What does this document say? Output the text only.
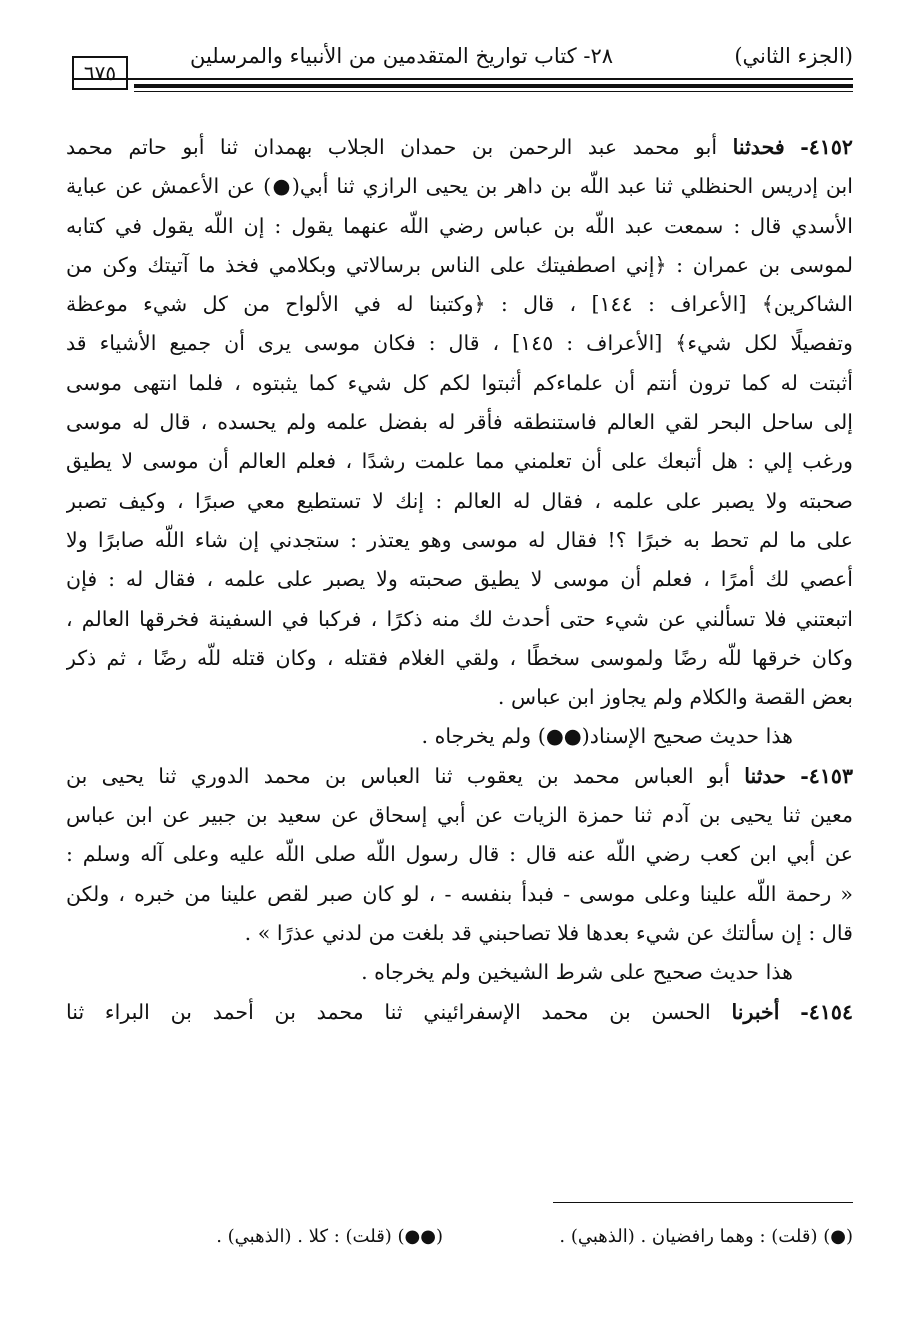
(الجزء الثاني)
٢٨- كتاب تواريخ المتقدمين من الأنبياء والمرسلين
٦٧٥
٤١٥٢- فحدثنا أبو محمد عبد الرحمن بن حمدان الجلاب بهمدان ثنا أبو حاتم محمد
ابن إدريس الحنظلي ثنا عبد اللّه بن داهر بن يحيى الرازي ثنا أبي(●) عن الأعمش عن عباية
الأسدي قال : سمعت عبد اللّه بن عباس رضي اللّه عنهما يقول : إن اللّه يقول في كتابه
لموسى بن عمران : ﴿إني اصطفيتك على الناس برسالاتي وبكلامي فخذ ما آتيتك وكن من
الشاكرين﴾ [الأعراف : ١٤٤] ، قال : ﴿وكتبنا له في الألواح من كل شيء موعظة
وتفصيلًا لكل شيء﴾ [الأعراف : ١٤٥] ، قال : فكان موسى يرى أن جميع الأشياء قد
أثبتت له كما ترون أنتم أن علماءكم أثبتوا لكم كل شيء كما يثبتوه ، فلما انتهى موسى
إلى ساحل البحر لقي العالم فاستنطقه فأقر له بفضل علمه ولم يحسده ، قال له موسى
ورغب إلي : هل أتبعك على أن تعلمني مما علمت رشدًا ، فعلم العالم أن موسى لا يطيق
صحبته ولا يصبر على علمه ، فقال له العالم : إنك لا تستطيع معي صبرًا ، وكيف تصبر
على ما لم تحط به خبرًا ؟! فقال له موسى وهو يعتذر : ستجدني إن شاء اللّه صابرًا ولا
أعصي لك أمرًا ، فعلم أن موسى لا يطيق صحبته ولا يصبر على علمه ، فقال له : فإن
اتبعتني فلا تسألني عن شيء حتى أحدث لك منه ذكرًا ، فركبا في السفينة فخرقها العالم ،
وكان خرقها للّه رضًا ولموسى سخطًا ، ولقي الغلام فقتله ، وكان قتله للّه رضًا ، ثم ذكر
بعض القصة والكلام ولم يجاوز ابن عباس .
هذا حديث صحيح الإسناد(●●) ولم يخرجاه .
٤١٥٣- حدثنا أبو العباس محمد بن يعقوب ثنا العباس بن محمد الدوري ثنا يحيى بن
معين ثنا يحيى بن آدم ثنا حمزة الزيات عن أبي إسحاق عن سعيد بن جبير عن ابن عباس
عن أبي ابن كعب رضي اللّه عنه قال : قال رسول اللّه صلى اللّه عليه وعلى آله وسلم :
« رحمة اللّه علينا وعلى موسى - فبدأ بنفسه - ، لو كان صبر لقص علينا من خبره ، ولكن
قال : إن سألتك عن شيء بعدها فلا تصاحبني قد بلغت من لدني عذرًا » .
هذا حديث صحيح على شرط الشيخين ولم يخرجاه .
٤١٥٤- أخبرنا الحسن بن محمد الإسفرائيني ثنا محمد بن أحمد بن البراء ثنا
(●) (قلت) : وهما رافضيان . (الذهبي) .
(●●) (قلت) : كلا . (الذهبي) .
